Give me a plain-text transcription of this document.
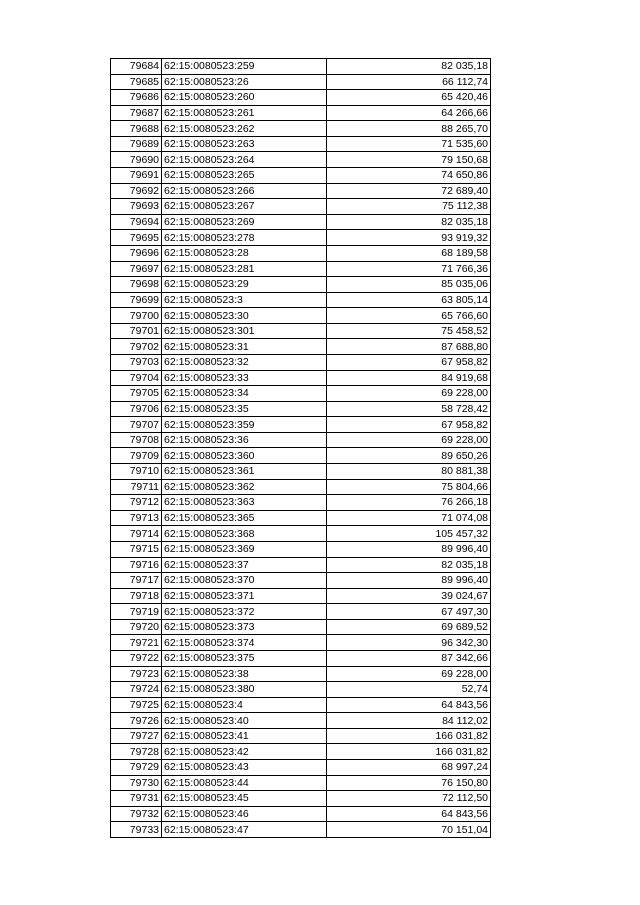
79684	62:15:0080523:259	82 035,18
79685	62:15:0080523:26	66 112,74
79686	62:15:0080523:260	65 420,46
79687	62:15:0080523:261	64 266,66
79688	62:15:0080523:262	88 265,70
79689	62:15:0080523:263	71 535,60
79690	62:15:0080523:264	79 150,68
79691	62:15:0080523:265	74 650,86
79692	62:15:0080523:266	72 689,40
79693	62:15:0080523:267	75 112,38
79694	62:15:0080523:269	82 035,18
79695	62:15:0080523:278	93 919,32
79696	62:15:0080523:28	68 189,58
79697	62:15:0080523:281	71 766,36
79698	62:15:0080523:29	85 035,06
79699	62:15:0080523:3	63 805,14
79700	62:15:0080523:30	65 766,60
79701	62:15:0080523:301	75 458,52
79702	62:15:0080523:31	87 688,80
79703	62:15:0080523:32	67 958,82
79704	62:15:0080523:33	84 919,68
79705	62:15:0080523:34	69 228,00
79706	62:15:0080523:35	58 728,42
79707	62:15:0080523:359	67 958,82
79708	62:15:0080523:36	69 228,00
79709	62:15:0080523:360	89 650,26
79710	62:15:0080523:361	80 881,38
79711	62:15:0080523:362	75 804,66
79712	62:15:0080523:363	76 266,18
79713	62:15:0080523:365	71 074,08
79714	62:15:0080523:368	105 457,32
79715	62:15:0080523:369	89 996,40
79716	62:15:0080523:37	82 035,18
79717	62:15:0080523:370	89 996,40
79718	62:15:0080523:371	39 024,67
79719	62:15:0080523:372	67 497,30
79720	62:15:0080523:373	69 689,52
79721	62:15:0080523:374	96 342,30
79722	62:15:0080523:375	87 342,66
79723	62:15:0080523:38	69 228,00
79724	62:15:0080523:380	52,74
79725	62:15:0080523:4	64 843,56
79726	62:15:0080523:40	84 112,02
79727	62:15:0080523:41	166 031,82
79728	62:15:0080523:42	166 031,82
79729	62:15:0080523:43	68 997,24
79730	62:15:0080523:44	76 150,80
79731	62:15:0080523:45	72 112,50
79732	62:15:0080523:46	64 843,56
79733	62:15:0080523:47	70 151,04
